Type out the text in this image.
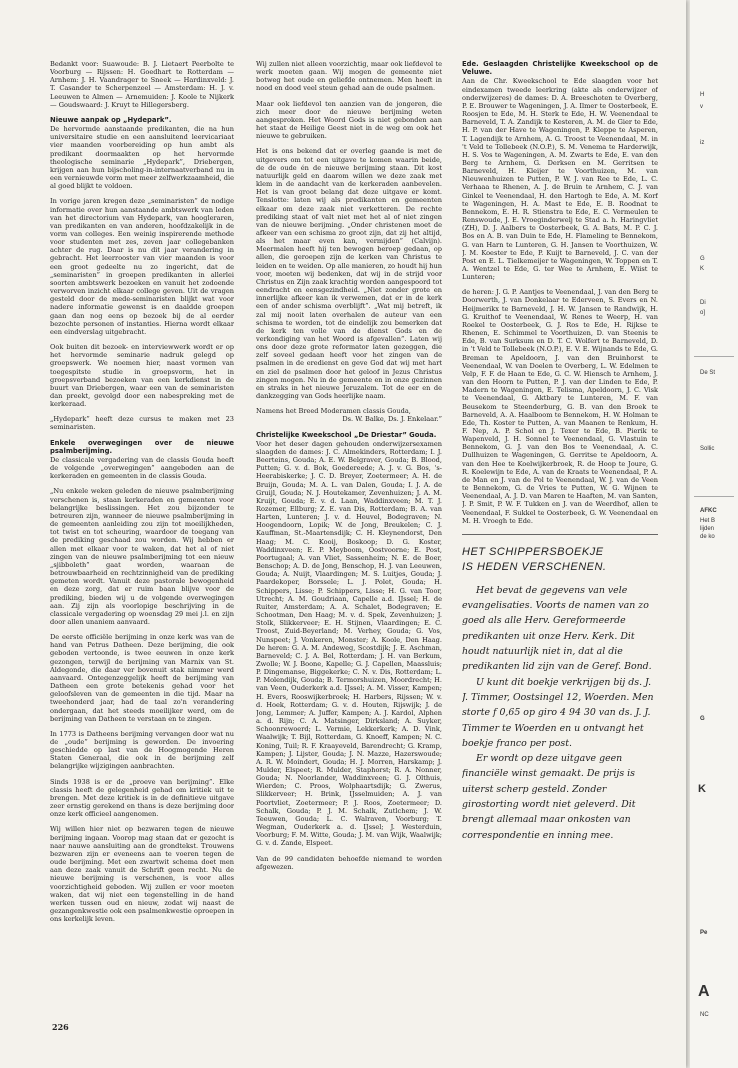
Bedankt voor: Suawoude: B. J. Lietaert Peerbolte te Voorburg — Rijssen: H. Goedhart te Rotterdam — Arnhem: J. H. Vaandrager te Sneek — Hardinxveld: J. T. Casander te Scherpenzeel — Amsterdam: H. J. v. Leeuwen te Almen — Arnemuiden: J. Koole te Nijkerk — Goudswaard: J. Kruyt te Hillegersberg.

Nieuwe aanpak op „Hydepark”.

De hervormde aanstaande predikanten, die na hun universitaire studie en een aansluitend leervicariaat vier maanden voorbereiding op hun ambt als predikant doormaakten op het hervormde theologische seminarie „Hydepark”, Driebergen, krijgen aan hun bijscholing-in-internaatverband nu in een vernieuwde vorm met meer zelfwerkzaamheid, die al goed blijkt te voldoen.

In vorige jaren kregen deze „seminaristen” de nodige informatie over hun aanstaande ambtswerk van leden van het directorium van Hydepark, van hoogleraren, van predikanten en van anderen, hoofdzakelijk in de vorm van colleges. Een weinig inspirerende methode voor studenten met zes, zeven jaar collegebanken achter de rug. Daar is nu dit jaar verandering in gebracht. Het leerrooster van vier maanden is voor een groot gedeelte nu zo ingericht, dat de „seminaristen” in groepen predikanten in allerlei soorten ambtswerk bezoeken en vanuit het zodoende verworven inzicht elkaar college geven. Uit de vragen gesteld door de mede-seminaristen blijkt wat voor nadere informatie gewenst is en daaldde groepen gaan dan nog eens op bezoek bij de al eerder bezochte personen of instanties. Hierna wordt elkaar een eindverslag uitgebracht.

Ook buiten dit bezoek- en interviewwerk wordt er op het hervormde seminarie nadruk gelegd op groepswerk. We noemen hier, naast vormen van toegespitste studie in groepsvorm, het in groepsverband bezoeken van een kerkdienst in de buurt van Driebergen, waar een van de seminaristen dan preekt, gevolgd door een nabespreking met de kerkeraad.

„Hydepark” heeft deze cursus te maken met 23 seminaristen.

Enkele overwegingen over de nieuwe psalmberijming.

De classicale vergadering van de classis Gouda heeft de volgende „overwegingen” aangeboden aan de kerkeraden en gemeenten in de classis Gouda.

„Nu enkele weken geleden de nieuwe psalmberijming verschenen is, staan kerkeraden en gemeenten voor belangrijke beslissingen. Het zou bijzonder te betreuren zijn, wanneer de nieuwe psalmberijming in de gemeenten aanleiding zou zijn tot moeilijkheden, tot twist en tot scheuring, waardoor de toegang van de prediking geschaad zou worden. Wij hebben er allen met elkaar voor te waken, dat het al of niet zingen van de nieuwe psalmberijming tot een nieuw „sjibboleth” gaat worden, waaraan de betrouwbaarheid en rechtzinnigheid van de prediking gemeten wordt. Vanuit deze pastorale bewogenheid en deze zorg, dat er ruim baan blijve voor de prediking, bieden wij u de volgende overwegingen aan. Zij zijn als voorlopige beschrijving in de classicale vergadering op woensdag 29 mei j.l. en zijn door allen unaniem aanvaard.

De eerste officiële berijming in onze kerk was van de hand van Petrus Datheen. Deze berijming, die ook geboden vertoonde, is twee eeuwen in onze kerk gezongen, terwijl de berijming van Marnix van St. Aldegonde, die daar ver bovenuit stak nimmer werd aanvaard. Ontegenzeggelijk heeft de berijming van Datheen een grote betekenis gehad voor het geloofsleven van de gemeenten in die tijd. Maar na tweehonderd jaar, had de taal zo'n verandering ondergaan, dat het steeds moeilijker werd, om de berijming van Datheen te verstaan en te zingen.

In 1773 is Datheens berijming vervangen door wat nu de „oude” berijming is geworden. De invoering geschiedde op last van de Hoogmogende Heren Staten Generaal, die ook in de berijming zelf belangrijke wijzigingen aanbrachten.

Sinds 1938 is er de „proeve van berijming”. Elke classis heeft de gelegenheid gehad om kritiek uit te brengen. Met deze kritiek is in de definitieve uitgave zeer ernstig gerekend en thans is deze berijming door onze kerk officieel aangenomen.

Wij willen hier niet op bezwaren tegen de nieuwe berijming ingaan. Voorop mag staan dat er gezocht is naar nauwe aansluiting aan de grondtekst. Trouwens bezwaren zijn er eveneens aan te voeren tegen de oude berijming. Met een zwartwit schema doet men aan deze zaak vanuit de Schrift geen recht. Nu de nieuwe berijming is verschenen, is voor alles voorzichtigheid geboden. Wij zullen er voor moeten waken, dat wij niet een tegenstelling in de hand werken tussen oud en nieuw, zodat wij naast de gezangenkwestie ook een psalmenkwestie oproepen in ons kerkelijk leven.

Wij zullen niet alleen voorzichtig, maar ook liefdevol te werk moeten gaan. Wij mogen de gemeente niet botweg het oude en geliefde ontnemen. Men heeft in nood en dood veel steun gehad aan de oude psalmen.

Maar ook liefdevol ten aanzien van de jongeren, die zich meer door de nieuwe berijming weten aangesproken. Het Woord Gods is niet gebonden aan het staat de Heilige Geest niet in de weg om ook het nieuwe te gebruiken.

Het is ons bekend dat er overleg gaande is met de uitgevers om tot een uitgave te komen waarin beide, de de oude én de nieuwe berijming staan. Dit kost natuurlijk geld en daarom willen we deze zaak met klem in de aandacht van de kerkeraden aanbevelen. Het is van groot belang dat deze uitgave er komt. Tenslotte: laten wij als predikanten en gemeenten elkaar om deze zaak niet verketteren. De rechte prediking staat of valt niet met het al of niet zingen van de nieuwe berijming. „Onder christenen moet de afkeer van een schisma zo groot zijn, dat zij het altijd, als het maar even kan, vermijden” (Calvijn). Meermalen heeft hij ten bewogen beroep gedaan, op allen, die geroepen zijn de kerken van Christus te leiden en te weiden. Op alle manieren, zo houdt hij hun voor, moeten wij bedenken, dat wij in de strijd voor Christus en Zijn zaak krachtig worden aangespoord tot eendracht en eensgezindheid. „Niet zonder grote en innerlijke afkeer kan ik verwemen, dat er in de kerk een of ander schisma overblijft”. „Wat mij betreft, ik zal mij nooit laten overhalen de auteur van een schisma te worden, tot de eindelijk zou bemerken dat de kerk ten volle van de dienst Gods en de verkondiging van het Woord is afgevallen”. Laten wij ons door deze grote reformator laten gezeggen, die zelf soveel gedaan heeft voor het zingen van de psalmen in de eredienst en geve God dat wij met hart en ziel de psalmen door het geloof in Jezus Christus zingen mogen. Nu in de gemeente en in onze gezinnen en straks in het nieuwe Jeruzalem. Tot de eer en de dankzegging van Gods heerlijke naam.

Namens het Breed Moderamen classis Gouda,

Ds. W. Balke, Ds. J. Enkelaar.”

Christelijke Kweekschool „De Driestar” Gouda.

Voor het deser dagen gehouden onderwijzersexamen slaagden de dames: J. C. Almekinders, Rotterdam; I. J. Beerteins, Gouda; A. E. W. Belgraver, Gouda; B. Blood, Putten; G. v. d. Bok, Goedereede; A. J. v. G. Bos, 's-Heerabiskerke; J. C. D. Breyer, Zoetermeer; A. H. de Bruijn, Gouda; M. A. L. van Dalen, Gouda; I. J. A. de Gruijl, Gouda; N. J. Houtekamer, Zevenhuizen; J. A. M. Kruijt, Gouda; E. v. d. Laan, Waddinxveen; M. T. J. Rozemer, Ellburg; Z. E. van Dis, Rotterdam; B. A. van Harten, Lunteren; J. v. d. Heuvel, Bodegraven; N. Hoogendoorn, Lopik; W. de Jong, Breukelen; C. J. Kauffman, St.-Maartensdijk; C. H. Kleynendorst, Den Haag; M. C. Kooij, Boskoop; D. G. Koster, Waddinxveen; E. P. Meyboom, Oostvoorne; E. Post, Poortugaal; A. van Vliet, Sassenheim; N. E. de Boer, Benschop; A. D. de Jong, Benschop, H. J. van Leeuwen, Gouda; A. Nuijt, Vlaardingen; M. S. Luitjes, Gouda; J. Paardekoper, Borssele; L. J. Polet, Gouda; H. Schippers, Lisse; P. Schippers, Lisse; H. G. van Toor, Utrecht; A. M. Goudriaan, Capelle a.d. IJssel; H. de Ruiter, Amsterdam; A. A. Schalet, Bodegraven; E. Schootman, Den Haag; M. v. d. Spek, Zevenhuizen; J. Stolk, Slikkerveer; E. H. Stijnen, Vlaardingen; E. C. Troost, Zuid-Beyerland; M. Verhey, Gouda; G. Vos, Nunspeet; J. Vonkeren, Monster; A. Koole, Den Haag. De heren: G. A. M. Andeweg, Scostdijk; J. E. Aschman, Barneveld; C. J. A. Bel, Rotterdam; J. H. van Berkum, Zwolle; W. J. Boone, Kapelle; G. J. Capellen, Maassluis; P. Dingemanse, Biggekerke; C. N. v. Dis, Rotterdam; L. P. Molendijk, Gouda; B. Termorshuizen, Moordrecht; H. van Veen, Ouderkerk a.d. IJssel; A. M. Visser, Kampen; H. Evers, Rooswijkerbroek; H. Harbers, Rijssen; W. v. d. Hoek, Rotterdam; G. v. d. Houten, Rijswijk; J. de Jong, Lemmer; A. Juffer, Kampen; A. J. Kardol, Alphen a. d. Rijn; C. A. Matsinger, Dirksland; A. Suyker, Schoonrewoerd; L. Vermie, Lekkerkerk; A. D. Vink, Waalwijk; T. Bijl, Rotterdam, G. Knoeff, Kampen; N. C. Koning, Tuil; R. F. Kraayeveld, Barendrecht; G. Kramp, Kampen; J. Lijster, Gouda; J. N. Mazze, Hazerswoude; A. R. W. Moindert, Gouda; H. J. Morren, Harskamp; J. Mulder, Elspeet; R. Mulder, Staphorst; R. A. Nonner, Gouda; N. Noorlander, Waddinxveen; G. J. Olthuis, Wierden; C. Proos, Wolphaartsdijk; G. Zwerus, Slikkerveer; H. Brink, IJsselmuiden; A. J. van Poortvliet, Zoetermeer; P. J. Roos, Zoetermeer; D. Schalk, Gouda; P. J. M. Schalk, Zutlchem; J. W. Teeuwen, Gouda; L. C. Walraven, Voorburg; T. Wegman, Ouderkerk a. d. IJssel; J. Westerduin, Voorburg; F. M. Witte, Gouda; J. M. van Wijk, Waalwijk; G. v. d. Zande, Elspeet.

Van de 99 candidaten behoefde niemand te worden afgewezen.

Ede. Geslaagden Christelijke Kweekschool op de Veluwe.

Aan de Chr. Kweekschool te Ede slaagden voor het eindexamen tweede leerkring (akte als onderwijzer of onderwijzeres) de dames: D. A. Breeschoten te Overberg, P. E. Brouwer te Wageningen, J. A. Ilmer te Oosterbeek, E. Roosjen te Ede, M. H. Sterk te Ede, H. W. Veenendaal te Barneveld, T. A. Zandijk te Kesteren, A. M. de Gier te Ede, H. P. van der Have te Wageningen, P. Kleppe te Asperen, T. Lagendijk te Arnhem, A. G. Troost te Veenendaal, M. in 't Veld te Tollebeek (N.O.P.), S. M. Venema te Harderwijk, H. S. Vos te Wageningen, A. M. Zwarts te Ede, E. van den Berg te Arnhem, G. Derksen en M. Gerritsen te Barneveld, H. Kleijer te Voorthuizen, M. van Nieuwenhuizen te Putten, P. W. J. van Ree te Ede, L. C. Verhaaa te Rhenen, A. J. de Bruin te Arnhem, C. J. van Ginkel te Veenendaal, H. den Hartogh te Ede, A. M. Korf te Wageningen, H. A. Mast te Ede, E. B. Roodnat te Bennekom, E. H. R. Stienstra te Ede, E. C. Vermeulen te Renswoude, J. E. Vroeginderwelj te Stad a. h. Haringvliet (ZH), D. J. Aalbers te Oosterbeek, G. A. Bats, M. P. C. J. Bos en A. B. van Duin te Ede, H. Flameling te Bennekom, G. van Harn te Lunteren, G. H. Jansen te Voorthuizen, W. J. M. Koester te Ede, P. Kuijt te Barneveld, J. C. van der Post en E. L. Tielkemeijer te Wageningen, W. Toppen en T. A. Wentzel te Ede, G. ter Wee te Arnhem, E. Wiist te Lunteren;

de heren: J. G. P. Aantjes te Veenendaal, J. van den Berg te Doorwerth, J. van Donkelaar te Ederveen, S. Evers en N. Heijmerikx te Barneveld, J. H. W. Jansen te Randwijk, H. G. Kruithof te Veenendaal, W. Renes te Weerp, H. van Roekel te Oosterbeek, G. J. Ros te Ede, H. Rijkse te Rhenen, E. Schimmel te Voorthuizen, D. van Steenis te Ede, B. van Surksum en D. T. C. Wolfert te Barneveld, D. in 't Veld te Tollebeek (N.O.P.), E. V. E. Wijnands te Ede, G. Breman te Apeldoorn, J. van den Bruinhorst te Veenendaal, W. van Doelen te Overberg, L. W. Edelmen te Velp, F. F. de Haan te Ede, G. C. W. Hiensch te Arnhem, J. van den Hoorn te Putten, P. J. van der Linden te Ede, P. Madern te Wageningen, E. Telisma, Apeldoorn, J. C. Visk te Veenendaal, G. Aktbary te Lunteren, M. F. van Beusekom te Steenderburg, G. B. van den Broek te Barneveld, A. A. Haalboom te Bennekom, H. W. Holman te Ede, Th. Koster te Putten, A. van Maanen te Renkum, H. F. Nep, A. P. Schol en J. Texer te Ede, B. Pierik te Wapenveld, J. H. Sonnel te Veenendaal, G. Vlastuin te Bennekom, G. J. van den Bos te Veenendaal, A. C. Dullhuizen te Wageningen, G. Gerritse te Apeldoorn, A. van den Hee te Koelwijkerbroek, R. de Hoop te Joure, G. R. Koelewijn te Ede, A. van de Kraats te Veenendaal, P. A. de Man en J. van de Pol te Veenendaal, W. J. van de Veen te Bennekom, G. de Vries te Putten, W. G. Wijnen te Veenendaal, A. J. D. van Maren te Haaften, M. van Santen, J. P. Smit, P. W. F. Tukken en J. van de Weerdhof, allen te Veenendaal, F. Sukkel te Oosterbeek, G. W. Veenendaal en M. H. Vroegh te Ede.

HET SCHIPPERSBOEKJE
IS HEDEN VERSCHENEN.

Het bevat de gegevens van vele evangelisaties. Voorts de namen van zo goed als alle Herv. Gereformeerde predikanten uit onze Herv. Kerk. Dit houdt natuurlijk niet in, dat al die predikanten lid zijn van de Geref. Bond.

U kunt dit boekje verkrijgen bij ds. J. J. Timmer, Oostsingel 12, Woerden. Men storte f 0,65 op giro 4 94 30 van ds. J. J. Timmer te Woerden en u ontvangt het boekje franco per post.

Er wordt op deze uitgave geen financiële winst gemaakt. De prijs is uiterst scherp gesteld. Zonder girostorting wordt niet geleverd. Dit brengt allemaal maar onkosten van correspondentie en inning mee.

226
H
v
iz
G
K
Di
o]
De St
Sollic
AFKC
Het B
lijden
de ko
G
K
Pe
A
NC
